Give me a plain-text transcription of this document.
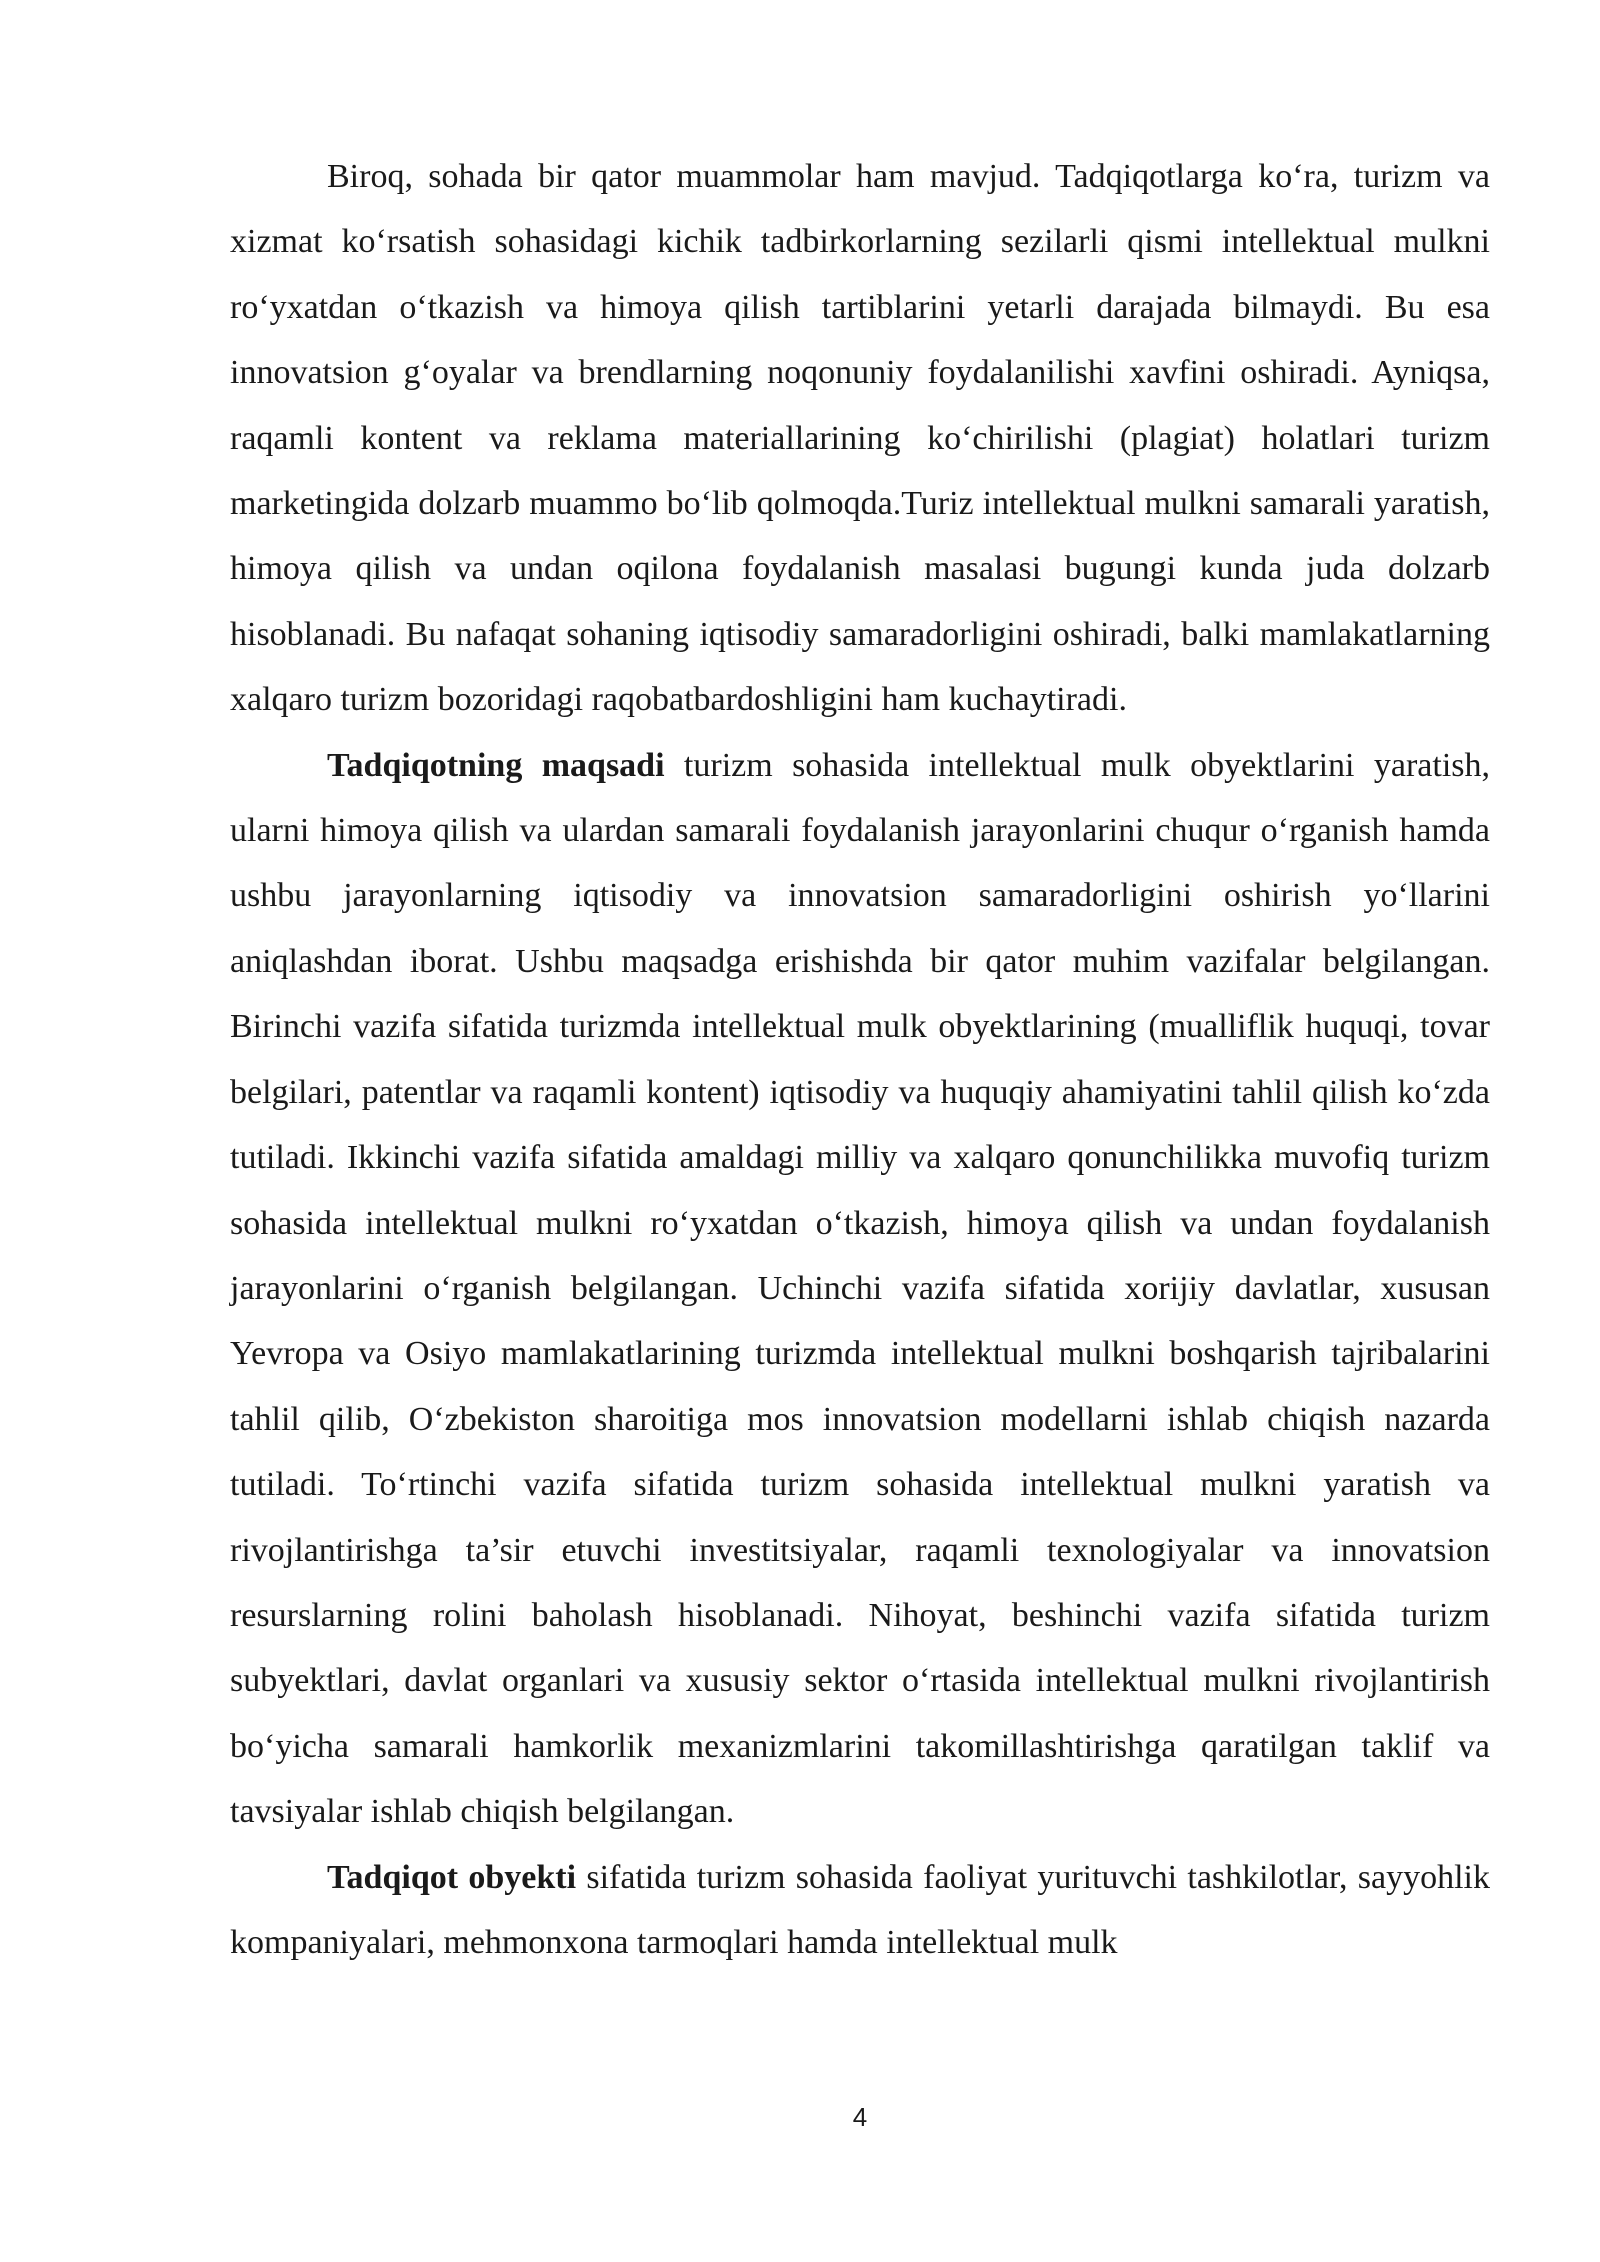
Biroq, sohada bir qator muammolar ham mavjud. Tadqiqotlarga ko‘ra, turizm va xizmat ko‘rsatish sohasidagi kichik tadbirkorlarning sezilarli qismi intellektual mulkni ro‘yxatdan o‘tkazish va himoya qilish tartiblarini yetarli darajada bilmaydi. Bu esa innovatsion g‘oyalar va brendlarning noqonuniy foydalanilishi xavfini oshiradi. Ayniqsa, raqamli kontent va reklama materiallarining ko‘chirilishi (plagiat) holatlari turizm marketingida dolzarb muammo bo‘lib qolmoqda.Turiz intellektual mulkni samarali yaratish, himoya qilish va undan oqilona foydalanish masalasi bugungi kunda juda dolzarb hisoblanadi. Bu nafaqat sohaning iqtisodiy samaradorligini oshiradi, balki mamlakatlarning xalqaro turizm bozoridagi raqobatbardoshligini ham kuchaytiradi.

Tadqiqotning maqsadi turizm sohasida intellektual mulk obyektlarini yaratish, ularni himoya qilish va ulardan samarali foydalanish jarayonlarini chuqur o‘rganish hamda ushbu jarayonlarning iqtisodiy va innovatsion samaradorligini oshirish yo‘llarini aniqlashdan iborat. Ushbu maqsadga erishishda bir qator muhim vazifalar belgilangan. Birinchi vazifa sifatida turizmda intellektual mulk obyektlarining (mualliflik huquqi, tovar belgilari, patentlar va raqamli kontent) iqtisodiy va huquqiy ahamiyatini tahlil qilish ko‘zda tutiladi. Ikkinchi vazifa sifatida amaldagi milliy va xalqaro qonunchilikka muvofiq turizm sohasida intellektual mulkni ro‘yxatdan o‘tkazish, himoya qilish va undan foydalanish jarayonlarini o‘rganish belgilangan. Uchinchi vazifa sifatida xorijiy davlatlar, xususan Yevropa va Osiyo mamlakatlarining turizmda intellektual mulkni boshqarish tajribalarini tahlil qilib, O‘zbekiston sharoitiga mos innovatsion modellarni ishlab chiqish nazarda tutiladi. To‘rtinchi vazifa sifatida turizm sohasida intellektual mulkni yaratish va rivojlantirishga ta’sir etuvchi investitsiyalar, raqamli texnologiyalar va innovatsion resurslarning rolini baholash hisoblanadi. Nihoyat, beshinchi vazifa sifatida turizm subyektlari, davlat organlari va xususiy sektor o‘rtasida intellektual mulkni rivojlantirish bo‘yicha samarali hamkorlik mexanizmlarini takomillashtirishga qaratilgan taklif va tavsiyalar ishlab chiqish belgilangan.

Tadqiqot obyekti sifatida turizm sohasida faoliyat yurituvchi tashkilotlar, sayyohlik kompaniyalari, mehmonxona tarmoqlari hamda intellektual mulk

4
